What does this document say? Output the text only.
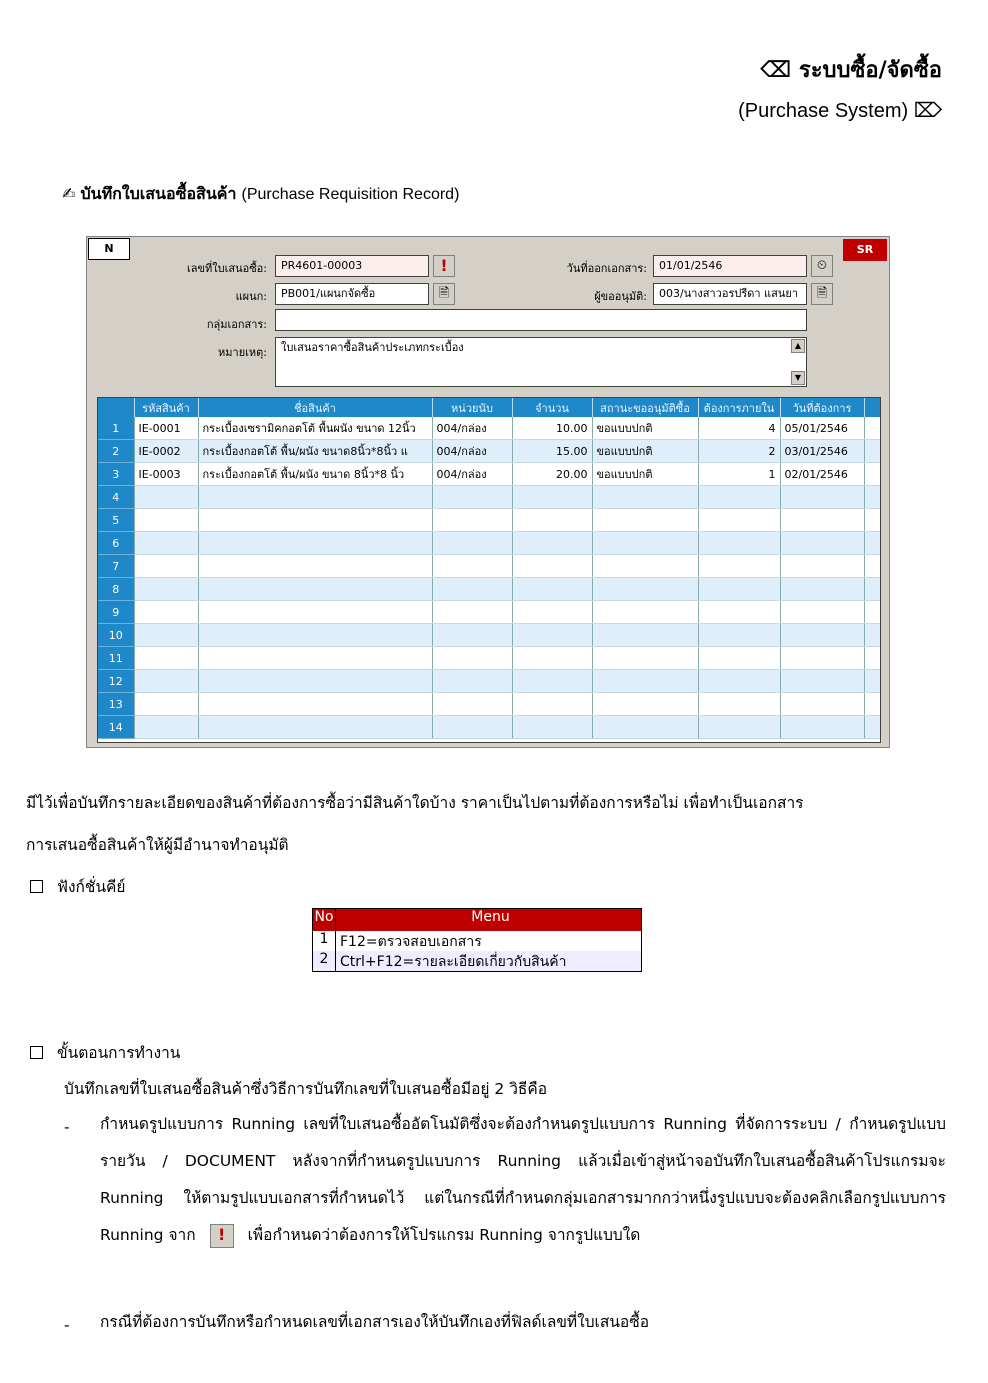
⌫ ระบบซื้อ/จัดซื้อ
(Purchase System) ⌦
✍ บันทึกใบเสนอซื้อสินค้า (Purchase Requisition Record)
N	SR
เลขที่ใบเสนอซื้อ:	PR4601-00003	!
แผนก:	PB001/แผนกจัดซื้อ	🗎
กลุ่มเอกสาร:
หมายเหตุ:	ใบเสนอราคาซื้อสินค้าประเภทกระเบื้อง	▲
▼
วันที่ออกเอกสาร:	01/01/2546	⏲
ผู้ขออนุมัติ:	003/นางสาวอรปรีดา แสนยา	🗎
	รหัสสินค้า	ชื่อสินค้า	หน่วยนับ	จำนวน	สถานะขออนุมัติซื้อ	ต้องการภายใน	วันที่ต้องการ	
1	IE-0001	กระเบื้องเซรามิคกอตโต้ พื้นผนัง ขนาด 12นิ้ว	004/กล่อง	10.00	ขอแบบปกติ	4	05/01/2546	
2	IE-0002	กระเบื้องกอตโต้ พื้น/ผนัง ขนาด8นิ้ว*8นิ้ว แ	004/กล่อง	15.00	ขอแบบปกติ	2	03/01/2546	
3	IE-0003	กระเบื้องกอตโต้ พื้น/ผนัง ขนาด 8นิ้ว*8 นิ้ว	004/กล่อง	20.00	ขอแบบปกติ	1	02/01/2546	
4								
5								
6								
7								
8								
9								
10								
11								
12								
13								
14								
มีไว้เพื่อบันทึกรายละเอียดของสินค้าที่ต้องการซื้อว่ามีสินค้าใดบ้าง ราคาเป็นไปตามที่ต้องการหรือไม่ เพื่อทำเป็นเอกสาร
การเสนอซื้อสินค้าให้ผู้มีอำนาจทำอนุมัติ
ฟังก์ชั่นคีย์
No	Menu
1 F12=ตรวจสอบเอกสาร
2 Ctrl+F12=รายละเอียดเกี่ยวกับสินค้า
ขั้นตอนการทำงาน
บันทึกเลขที่ใบเสนอซื้อสินค้าซึ่งวิธีการบันทึกเลขที่ใบเสนอซื้อมีอยู่ 2 วิธีคือ
- กำหนดรูปแบบการ Running เลขที่ใบเสนอซื้ออัตโนมัติซึ่งจะต้องกำหนดรูปแบบการ Running ที่จัดการระบบ / กำหนดรูปแบบรายวัน / DOCUMENT หลังจากที่กำหนดรูปแบบการ Running แล้วเมื่อเข้าสู่หน้าจอบันทึกใบเสนอซื้อสินค้าโปรแกรมจะ Running ให้ตามรูปแบบเอกสารที่กำหนดไว้ แต่ในกรณีที่กำหนดกลุ่มเอกสารมากกว่าหนึ่งรูปแบบจะต้องคลิกเลือกรูปแบบการ Running จาก ! เพื่อกำหนดว่าต้องการให้โปรแกรม Running จากรูปแบบใด
- กรณีที่ต้องการบันทึกหรือกำหนดเลขที่เอกสารเองให้บันทึกเองที่ฟิลด์เลขที่ใบเสนอซื้อ
